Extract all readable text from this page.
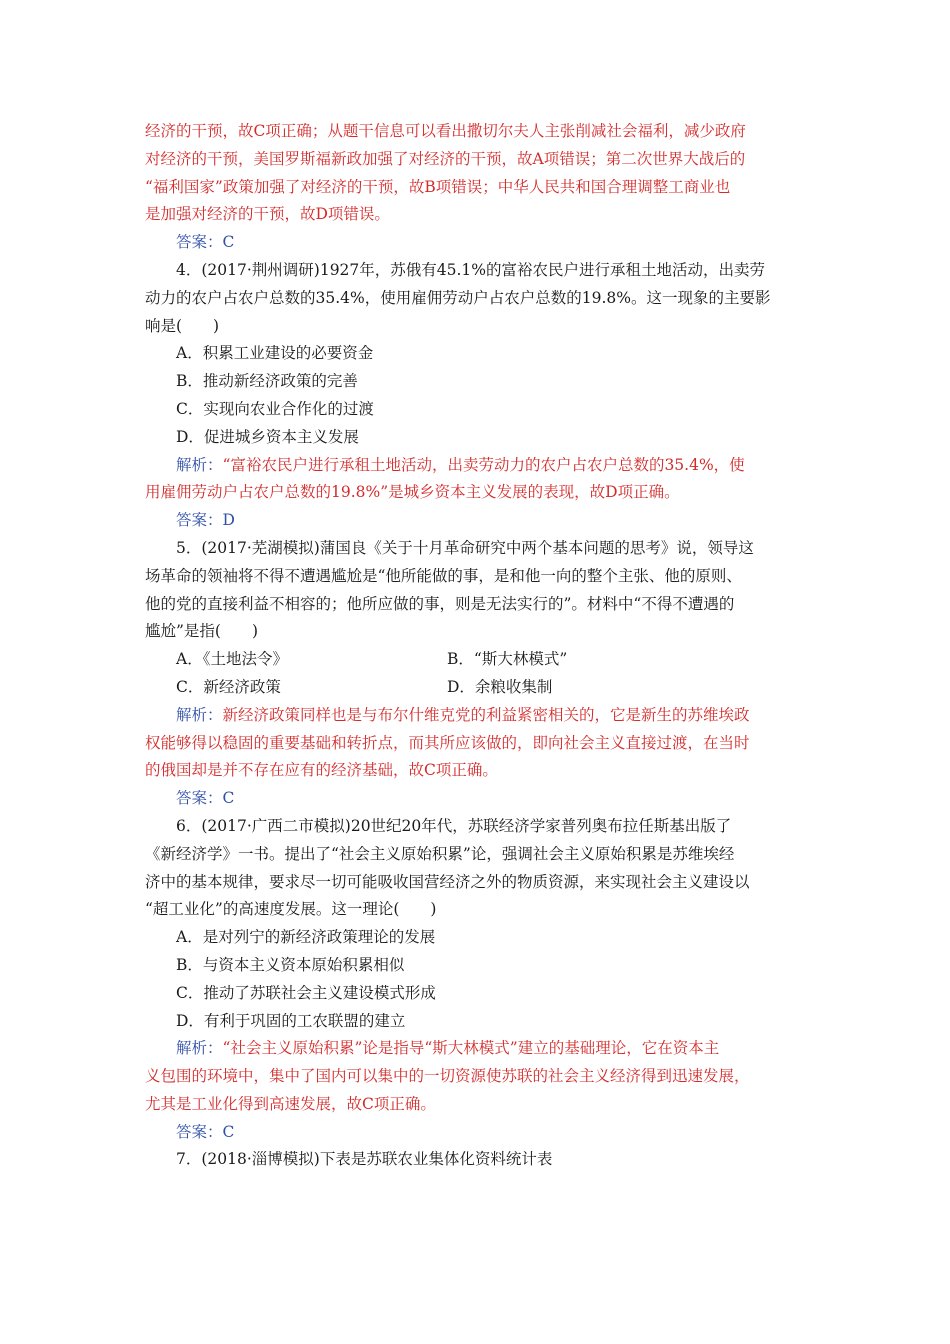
经济的干预，故C项正确；从题干信息可以看出撒切尔夫人主张削减社会福利，减少政府
对经济的干预，美国罗斯福新政加强了对经济的干预，故A项错误；第二次世界大战后的
“福利国家”政策加强了对经济的干预，故B项错误；中华人民共和国合理调整工商业也
是加强对经济的干预，故D项错误。
答案：C
4．(2017·荆州调研)1927年，苏俄有45.1%的富裕农民户进行承租土地活动，出卖劳
动力的农户占农户总数的35.4%，使用雇佣劳动户占农户总数的19.8%。这一现象的主要影
响是(　　)
A．积累工业建设的必要资金
B．推动新经济政策的完善
C．实现向农业合作化的过渡
D．促进城乡资本主义发展
解析：“富裕农民户进行承租土地活动，出卖劳动力的农户占农户总数的35.4%，使
用雇佣劳动户占农户总数的19.8%”是城乡资本主义发展的表现，故D项正确。
答案：D
5．(2017·芜湖模拟)蒲国良《关于十月革命研究中两个基本问题的思考》说，领导这
场革命的领袖将不得不遭遇尴尬是“他所能做的事，是和他一向的整个主张、他的原则、
他的党的直接利益不相容的；他所应做的事，则是无法实行的”。材料中“不得不遭遇的
尴尬”是指(　　)
A．《土地法令》	B．“斯大林模式”
C．新经济政策	D．余粮收集制
解析：新经济政策同样也是与布尔什维克党的利益紧密相关的，它是新生的苏维埃政
权能够得以稳固的重要基础和转折点，而其所应该做的，即向社会主义直接过渡，在当时
的俄国却是并不存在应有的经济基础，故C项正确。
答案：C
6．(2017·广西二市模拟)20世纪20年代，苏联经济学家普列奥布拉任斯基出版了
《新经济学》一书。提出了“社会主义原始积累”论，强调社会主义原始积累是苏维埃经
济中的基本规律，要求尽一切可能吸收国营经济之外的物质资源，来实现社会主义建设以
“超工业化”的高速度发展。这一理论(　　)
A．是对列宁的新经济政策理论的发展
B．与资本主义资本原始积累相似
C．推动了苏联社会主义建设模式形成
D．有利于巩固的工农联盟的建立
解析：“社会主义原始积累”论是指导“斯大林模式”建立的基础理论，它在资本主
义包围的环境中，集中了国内可以集中的一切资源使苏联的社会主义经济得到迅速发展，
尤其是工业化得到高速发展，故C项正确。
答案：C
7．(2018·淄博模拟)下表是苏联农业集体化资料统计表
